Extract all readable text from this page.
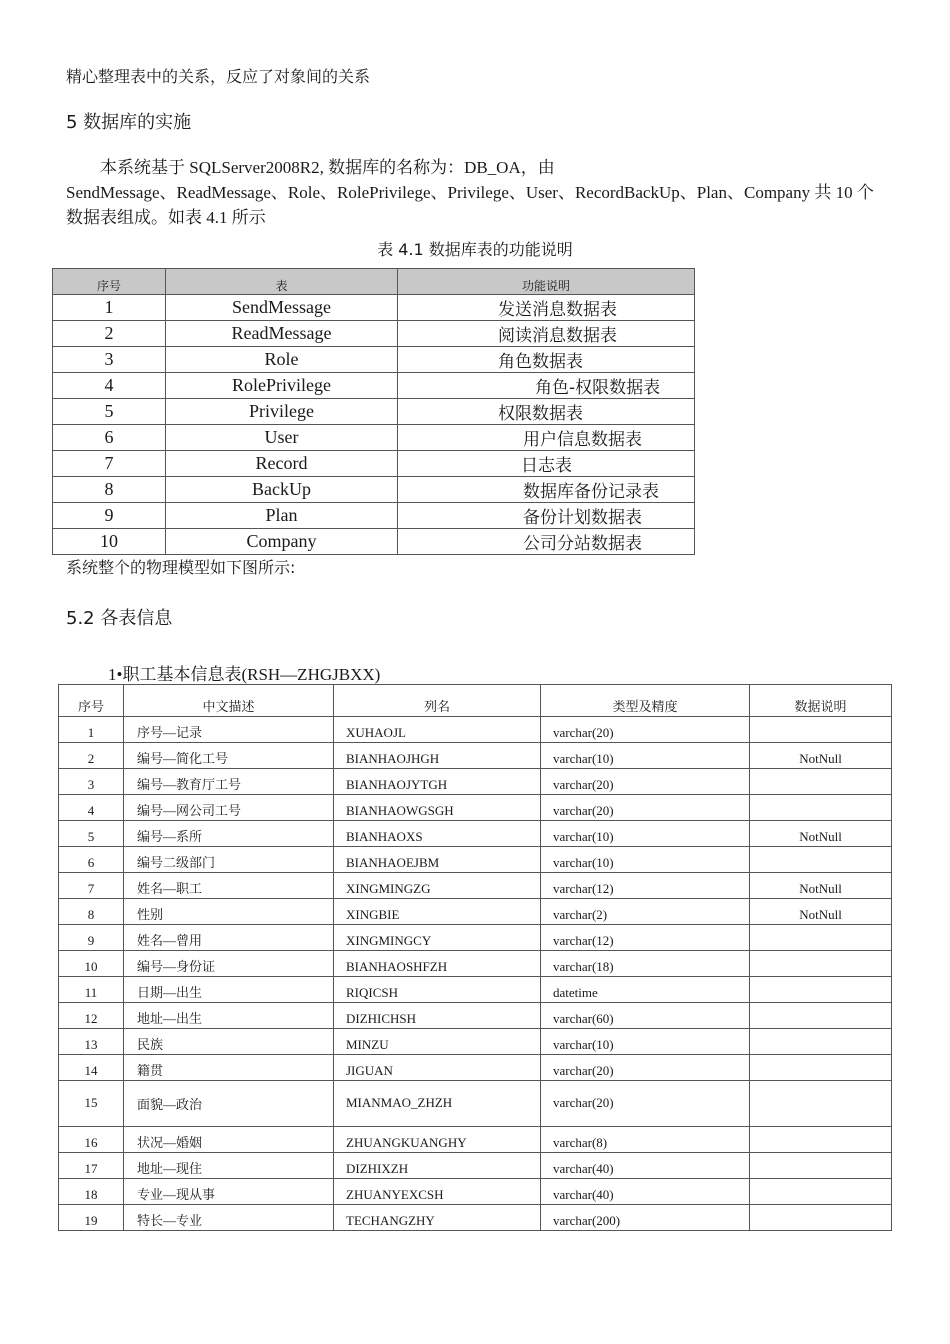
精心整理表中的关系，反应了对象间的关系
5 数据库的实施
本系统基于 SQLServer2008R2, 数据库的名称为：DB_OA，由
SendMessage、ReadMessage、Role、RolePrivilege、Privilege、User、RecordBackUp、Plan、Company 共 10 个数据表组成。如表 4.1 所示
表 4.1 数据库表的功能说明
序号	表	功能说明
1	SendMessage	发送消息数据表
2	ReadMessage	阅读消息数据表
3	Role	角色数据表
4	RolePrivilege	角色-权限数据表
5	Privilege	权限数据表
6	User	用户信息数据表
7	Record	日志表
8	BackUp	数据库备份记录表
9	Plan	备份计划数据表
10	Company	公司分站数据表
系统整个的物理模型如下图所示:
5.2 各表信息
1•职工基本信息表(RSH—ZHGJBXX)
序号	中文描述	列名	类型及精度	数据说明
1	序号—记录	XUHAOJL	varchar(20)	
2	编号—简化工号	BIANHAOJHGH	varchar(10)	NotNull
3	编号—教育厅工号	BIANHAOJYTGH	varchar(20)	
4	编号—网公司工号	BIANHAOWGSGH	varchar(20)	
5	编号—系所	BIANHAOXS	varchar(10)	NotNull
6	编号二级部门	BIANHAOEJBM	varchar(10)	
7	姓名—职工	XINGMINGZG	varchar(12)	NotNull
8	性别	XINGBIE	varchar(2)	NotNull
9	姓名—曾用	XINGMINGCY	varchar(12)	
10	编号—身份证	BIANHAOSHFZH	varchar(18)	
11	日期—出生	RIQICSH	datetime	
12	地址—出生	DIZHICHSH	varchar(60)	
13	民族	MINZU	varchar(10)	
14	籍贯	JIGUAN	varchar(20)	
15	面貌—政治	MIANMAO_ZHZH	varchar(20)	
16	状况—婚姻	ZHUANGKUANGHY	varchar(8)	
17	地址—现住	DIZHIXZH	varchar(40)	
18	专业—现从事	ZHUANYEXCSH	varchar(40)	
19	特长—专业	TECHANGZHY	varchar(200)	
